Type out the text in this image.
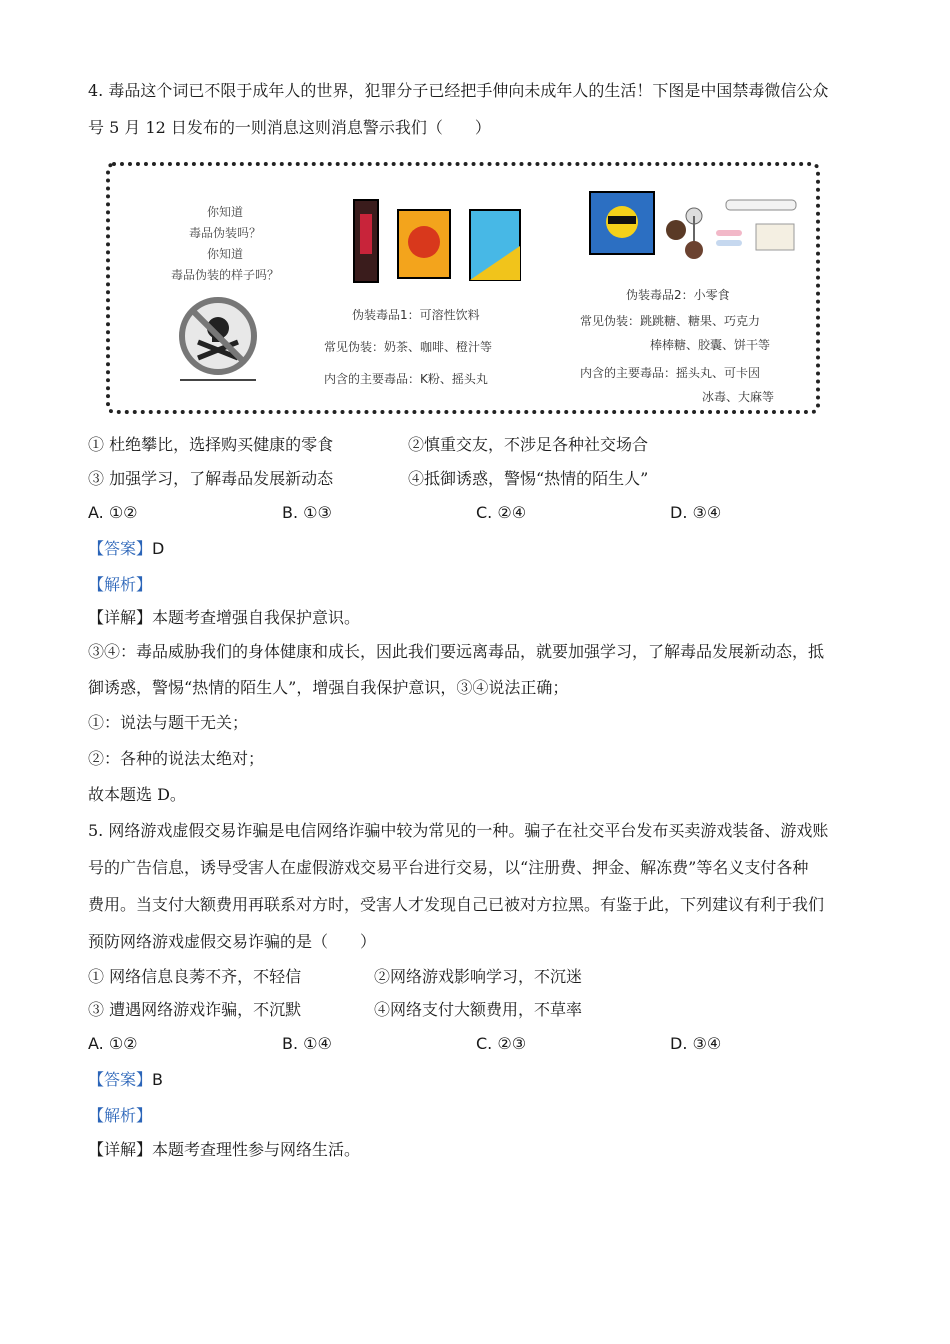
4. 毒品这个词已不限于成年人的世界，犯罪分子已经把手伸向未成年人的生活！下图是中国禁毒微信公众
号 5 月 12 日发布的一则消息这则消息警示我们（　　）
你知道
毒品伪装吗？
你知道
毒品伪装的样子吗？
伪装毒品1：可溶性饮料
常见伪装：奶茶、咖啡、橙汁等
内含的主要毒品：K粉、摇头丸
伪装毒品2：小零食
常见伪装：跳跳糖、糖果、巧克力
棒棒糖、胶囊、饼干等
内含的主要毒品：摇头丸、可卡因
冰毒、大麻等
① 杜绝攀比，选择购买健康的零食	②慎重交友，不涉足各种社交场合
③ 加强学习，了解毒品发展新动态	④抵御诱惑，警惕“热情的陌生人”
A. ①②	B. ①③	C. ②④	D. ③④
【答案】D
【解析】
【详解】本题考查增强自我保护意识。
③④：毒品威胁我们的身体健康和成长，因此我们要远离毒品，就要加强学习，了解毒品发展新动态，抵
御诱惑，警惕“热情的陌生人”，增强自我保护意识，③④说法正确；
①：说法与题干无关；
②：各种的说法太绝对；
故本题选 D。
5. 网络游戏虚假交易诈骗是电信网络诈骗中较为常见的一种。骗子在社交平台发布买卖游戏装备、游戏账
号的广告信息，诱导受害人在虚假游戏交易平台进行交易，以“注册费、押金、解冻费”等名义支付各种
费用。当支付大额费用再联系对方时，受害人才发现自己已被对方拉黑。有鉴于此，下列建议有利于我们
预防网络游戏虚假交易诈骗的是（　　）
① 网络信息良莠不齐，不轻信	②网络游戏影响学习，不沉迷
③ 遭遇网络游戏诈骗，不沉默	④网络支付大额费用，不草率
A. ①②	B. ①④	C. ②③	D. ③④
【答案】B
【解析】
【详解】本题考查理性参与网络生活。
